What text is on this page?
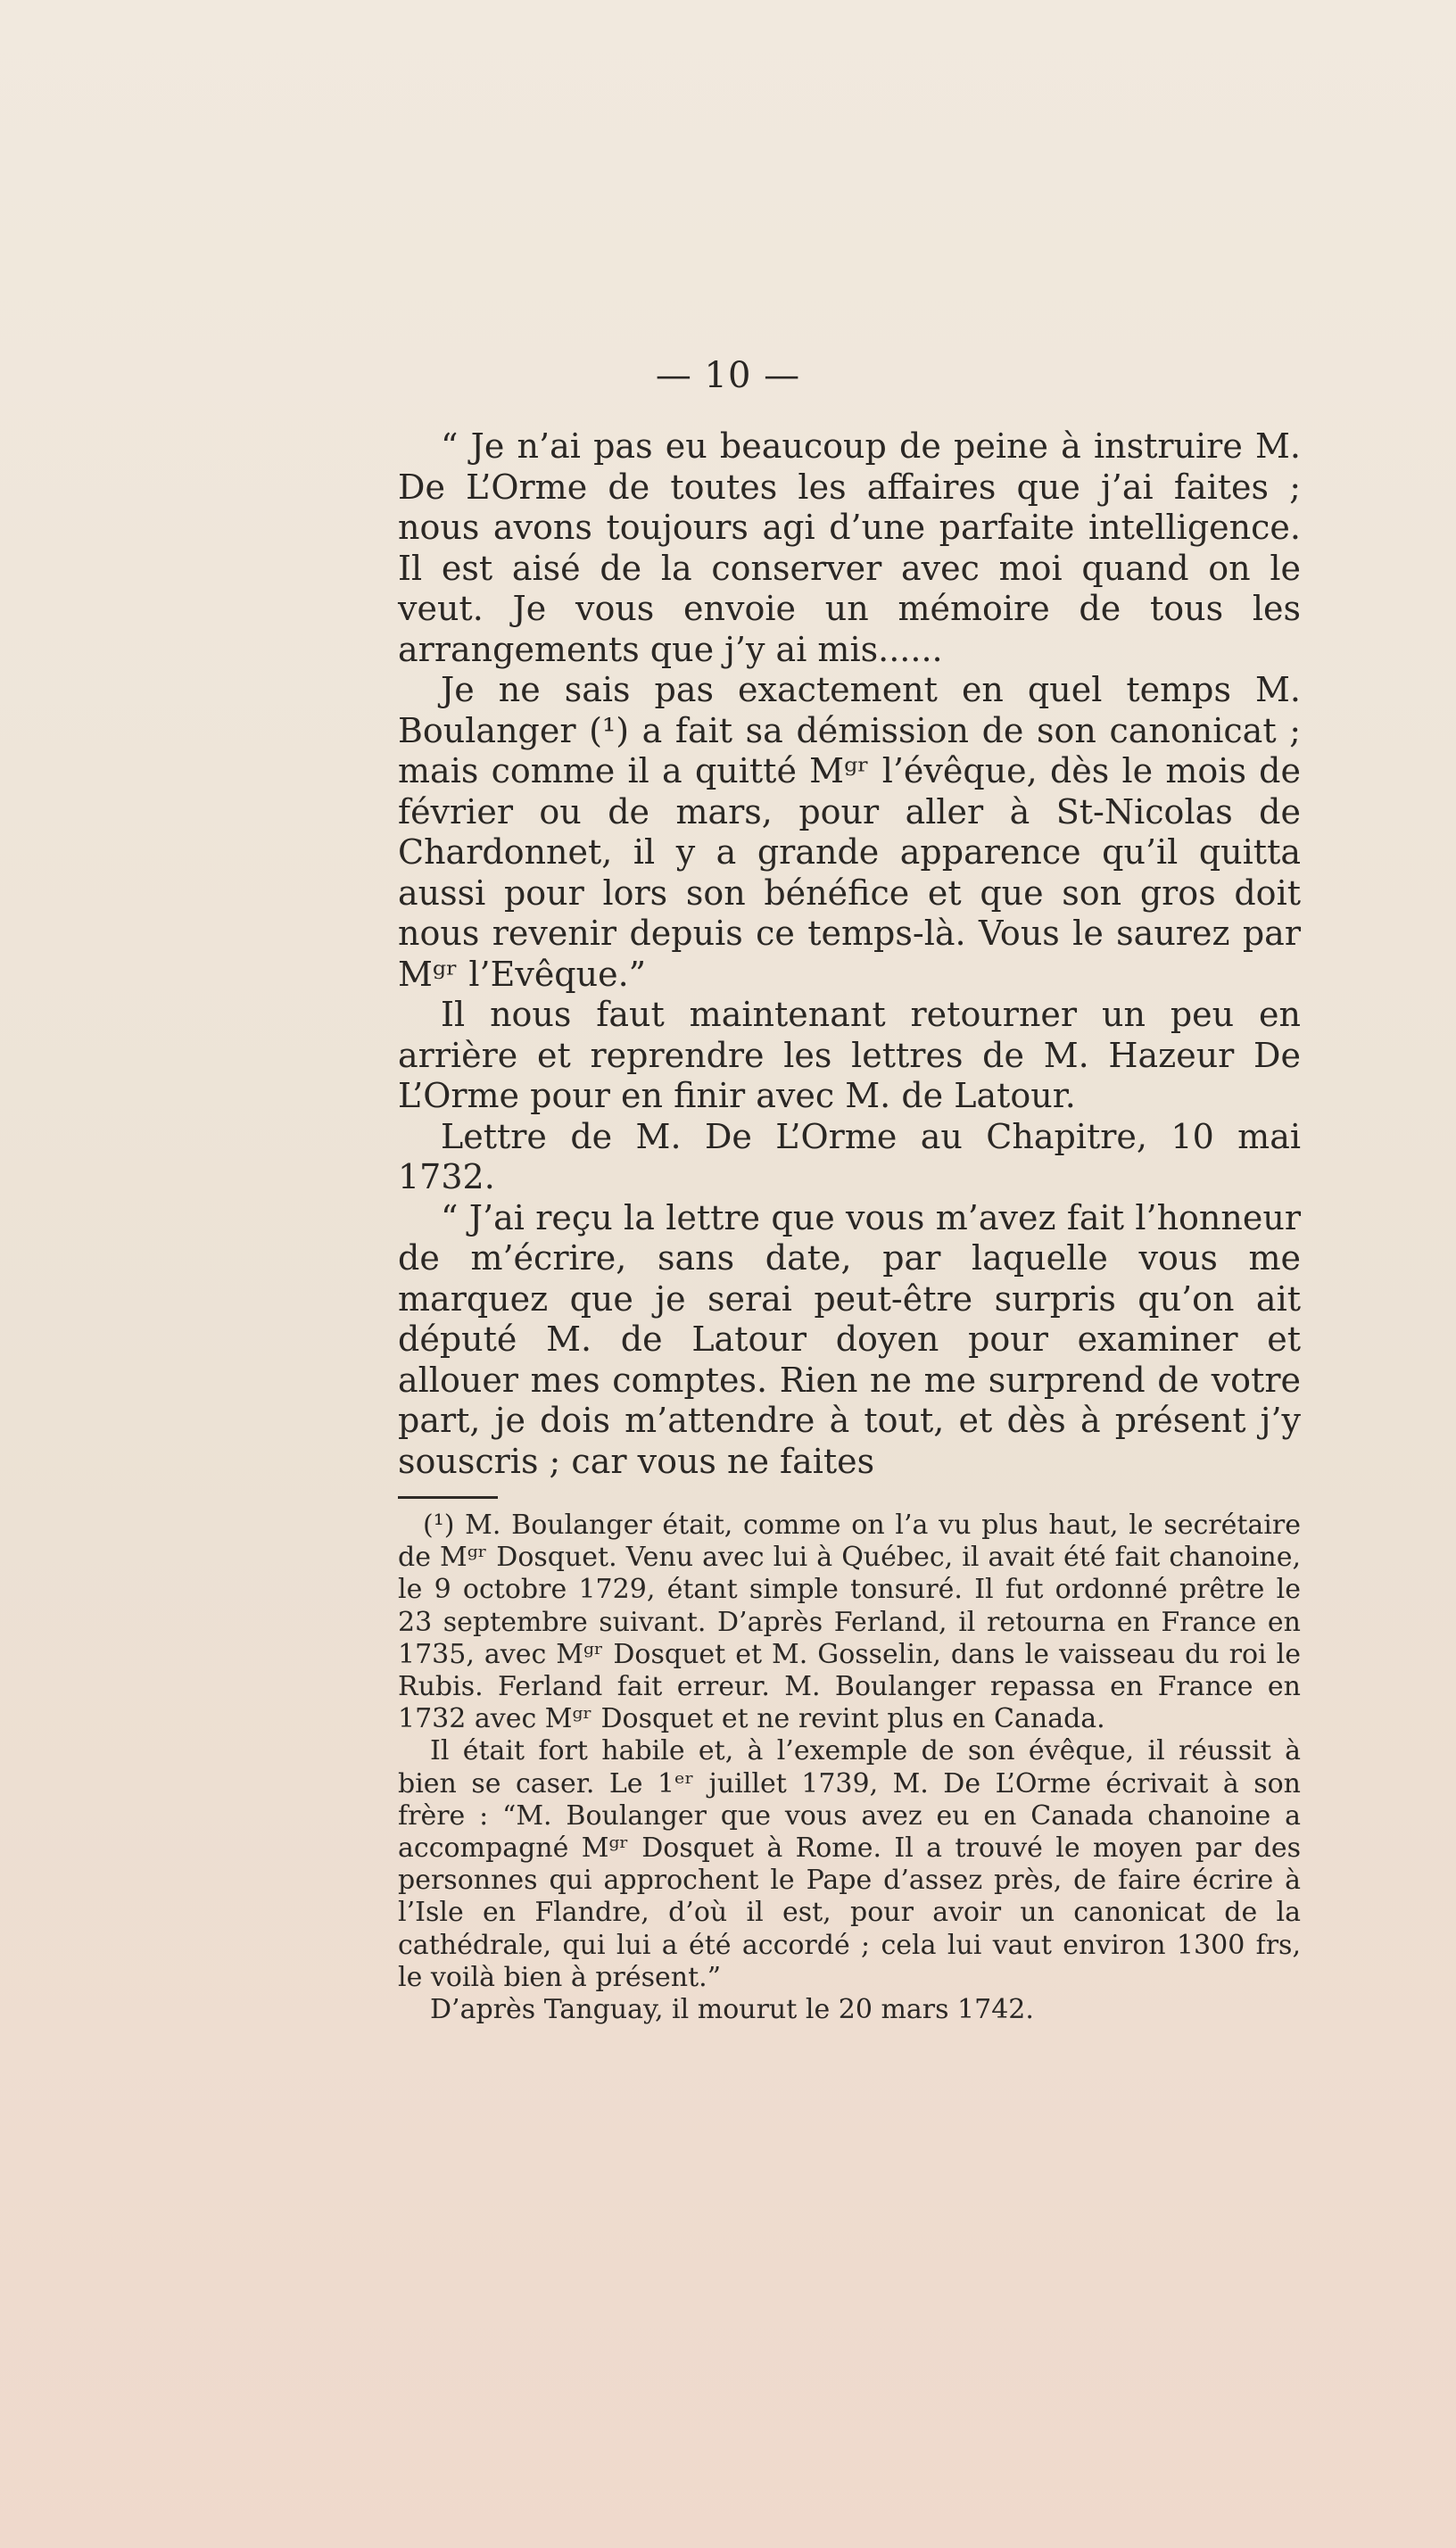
— 10 —

“ Je n’ai pas eu beaucoup de peine à instruire M. De L’Orme de toutes les affaires que j’ai faites ; nous avons toujours agi d’une parfaite intelligence. Il est aisé de la conserver avec moi quand on le veut. Je vous envoie un mémoire de tous les arrangements que j’y ai mis......

Je ne sais pas exactement en quel temps M. Boulanger (¹) a fait sa démission de son canonicat ; mais comme il a quitté Mᵍʳ l’évêque, dès le mois de février ou de mars, pour aller à St-Nicolas de Chardonnet, il y a grande apparence qu’il quitta aussi pour lors son bénéfice et que son gros doit nous revenir depuis ce temps-là. Vous le saurez par Mᵍʳ l’Evêque.”

Il nous faut maintenant retourner un peu en arrière et reprendre les lettres de M. Hazeur De L’Orme pour en finir avec M. de Latour.

Lettre de M. De L’Orme au Chapitre, 10 mai 1732.

“ J’ai reçu la lettre que vous m’avez fait l’honneur de m’écrire, sans date, par laquelle vous me marquez que je serai peut-être surpris qu’on ait député M. de Latour doyen pour examiner et allouer mes comptes. Rien ne me surprend de votre part, je dois m’attendre à tout, et dès à présent j’y souscris ; car vous ne faites

(¹) M. Boulanger était, comme on l’a vu plus haut, le secrétaire de Mᵍʳ Dosquet. Venu avec lui à Québec, il avait été fait chanoine, le 9 octobre 1729, étant simple tonsuré. Il fut ordonné prêtre le 23 septembre suivant. D’après Ferland, il retourna en France en 1735, avec Mᵍʳ Dosquet et M. Gosselin, dans le vaisseau du roi le Rubis. Ferland fait erreur. M. Boulanger repassa en France en 1732 avec Mᵍʳ Dosquet et ne revint plus en Canada.

Il était fort habile et, à l’exemple de son évêque, il réussit à bien se caser. Le 1ᵉʳ juillet 1739, M. De L’Orme écrivait à son frère : “M. Boulanger que vous avez eu en Canada chanoine a accompagné Mᵍʳ Dosquet à Rome. Il a trouvé le moyen par des personnes qui approchent le Pape d’assez près, de faire écrire à l’Isle en Flandre, d’où il est, pour avoir un canonicat de la cathédrale, qui lui a été accordé ; cela lui vaut environ 1300 frs, le voilà bien à présent.”

D’après Tanguay, il mourut le 20 mars 1742.
